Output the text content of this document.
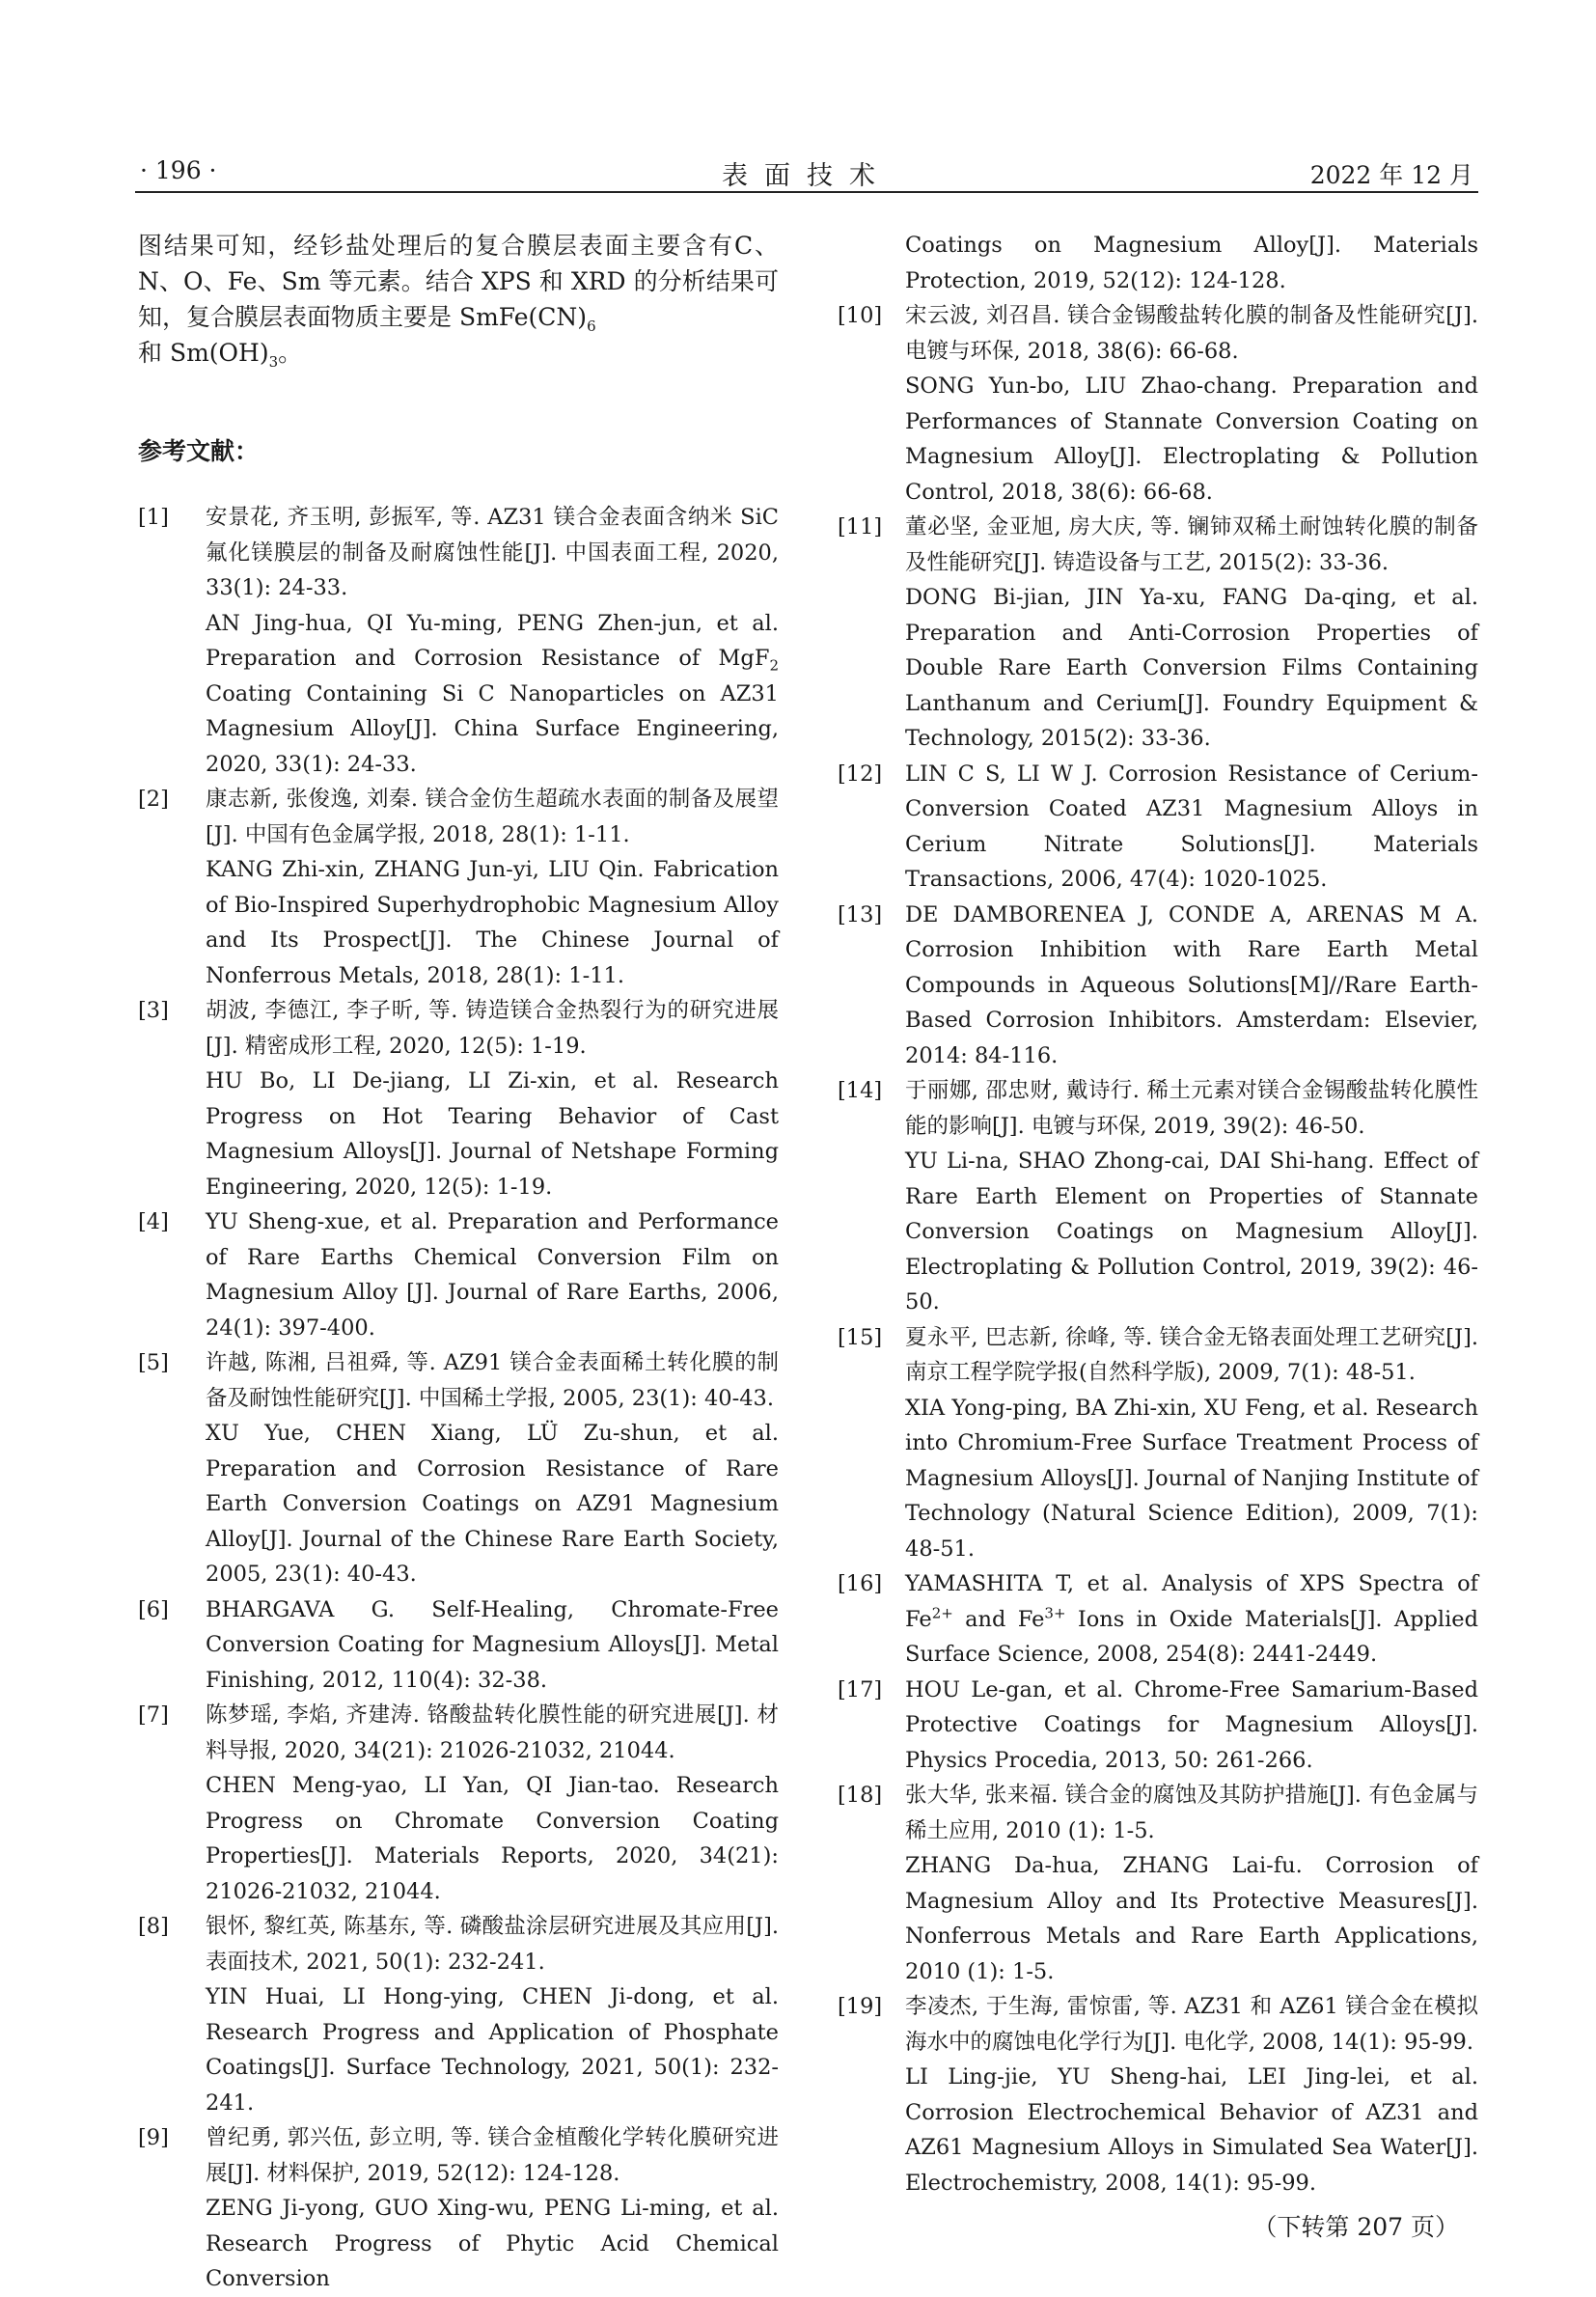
· 196 ·	表面技术	2022 年 12 月

图结果可知，经钐盐处理后的复合膜层表面主要含有C、N、O、Fe、Sm 等元素。结合 XPS 和 XRD 的分析结果可知，复合膜层表面物质主要是 $SmFe(CN)_6$

和 $Sm(OH)_3$。

参考文献：
[1] 安景花, 齐玉明, 彭振军, 等. AZ31 镁合金表面含纳米 SiC 氟化镁膜层的制备及耐腐蚀性能[J]. 中国表面工程, 2020, 33(1): 24-33.

AN Jing-hua, QI Yu-ming, PENG Zhen-jun, et al. Preparation and Corrosion Resistance of MgF$_2$ Coating Containing Si C Nanoparticles on AZ31 Magnesium Alloy[J]. China Surface Engineering, 2020, 33(1): 24-33.

[2] 康志新, 张俊逸, 刘秦. 镁合金仿生超疏水表面的制备及展望[J]. 中国有色金属学报, 2018, 28(1): 1-11.

KANG Zhi-xin, ZHANG Jun-yi, LIU Qin. Fabrication of Bio-Inspired Superhydrophobic Magnesium Alloy and Its Prospect[J]. The Chinese Journal of Nonferrous Metals, 2018, 28(1): 1-11.

[3] 胡波, 李德江, 李子昕, 等. 铸造镁合金热裂行为的研究进展[J]. 精密成形工程, 2020, 12(5): 1-19.

HU Bo, LI De-jiang, LI Zi-xin, et al. Research Progress on Hot Tearing Behavior of Cast Magnesium Alloys[J]. Journal of Netshape Forming Engineering, 2020, 12(5): 1-19.

[4] YU Sheng-xue, et al. Preparation and Performance of Rare Earths Chemical Conversion Film on Magnesium Alloy [J]. Journal of Rare Earths, 2006, 24(1): 397-400.

[5] 许越, 陈湘, 吕祖舜, 等. AZ91 镁合金表面稀土转化膜的制备及耐蚀性能研究[J]. 中国稀土学报, 2005, 23(1): 40-43.

XU Yue, CHEN Xiang, LÜ Zu-shun, et al. Preparation and Corrosion Resistance of Rare Earth Conversion Coatings on AZ91 Magnesium Alloy[J]. Journal of the Chinese Rare Earth Society, 2005, 23(1): 40-43.

[6] BHARGAVA G. Self-Healing, Chromate-Free Conversion Coating for Magnesium Alloys[J]. Metal Finishing, 2012, 110(4): 32-38.

[7] 陈梦瑶, 李焰, 齐建涛. 铬酸盐转化膜性能的研究进展[J]. 材料导报, 2020, 34(21): 21026-21032, 21044.

CHEN Meng-yao, LI Yan, QI Jian-tao. Research Progress on Chromate Conversion Coating Properties[J]. Materials Reports, 2020, 34(21): 21026-21032, 21044.

[8] 银怀, 黎红英, 陈基东, 等. 磷酸盐涂层研究进展及其应用[J]. 表面技术, 2021, 50(1): 232-241.

YIN Huai, LI Hong-ying, CHEN Ji-dong, et al. Research Progress and Application of Phosphate Coatings[J]. Surface Technology, 2021, 50(1): 232-241.

[9] 曾纪勇, 郭兴伍, 彭立明, 等. 镁合金植酸化学转化膜研究进展[J]. 材料保护, 2019, 52(12): 124-128.

ZENG Ji-yong, GUO Xing-wu, PENG Li-ming, et al. Research Progress of Phytic Acid Chemical Conversion

Coatings on Magnesium Alloy[J]. Materials Protection, 2019, 52(12): 124-128.

[10] 宋云波, 刘召昌. 镁合金锡酸盐转化膜的制备及性能研究[J]. 电镀与环保, 2018, 38(6): 66-68.

SONG Yun-bo, LIU Zhao-chang. Preparation and Performances of Stannate Conversion Coating on Magnesium Alloy[J]. Electroplating & Pollution Control, 2018, 38(6): 66-68.

[11] 董必坚, 金亚旭, 房大庆, 等. 镧铈双稀土耐蚀转化膜的制备及性能研究[J]. 铸造设备与工艺, 2015(2): 33-36.

DONG Bi-jian, JIN Ya-xu, FANG Da-qing, et al. Preparation and Anti-Corrosion Properties of Double Rare Earth Conversion Films Containing Lanthanum and Cerium[J]. Foundry Equipment & Technology, 2015(2): 33-36.

[12] LIN C S, LI W J. Corrosion Resistance of Cerium-Conversion Coated AZ31 Magnesium Alloys in Cerium Nitrate Solutions[J]. Materials Transactions, 2006, 47(4): 1020-1025.

[13] DE DAMBORENEA J, CONDE A, ARENAS M A. Corrosion Inhibition with Rare Earth Metal Compounds in Aqueous Solutions[M]//Rare Earth-Based Corrosion Inhibitors. Amsterdam: Elsevier, 2014: 84-116.

[14] 于丽娜, 邵忠财, 戴诗行. 稀土元素对镁合金锡酸盐转化膜性能的影响[J]. 电镀与环保, 2019, 39(2): 46-50.

YU Li-na, SHAO Zhong-cai, DAI Shi-hang. Effect of Rare Earth Element on Properties of Stannate Conversion Coatings on Magnesium Alloy[J]. Electroplating & Pollution Control, 2019, 39(2): 46-50.

[15] 夏永平, 巴志新, 徐峰, 等. 镁合金无铬表面处理工艺研究[J]. 南京工程学院学报(自然科学版), 2009, 7(1): 48-51.

XIA Yong-ping, BA Zhi-xin, XU Feng, et al. Research into Chromium-Free Surface Treatment Process of Magnesium Alloys[J]. Journal of Nanjing Institute of Technology (Natural Science Edition), 2009, 7(1): 48-51.

[16] YAMASHITA T, et al. Analysis of XPS Spectra of $Fe^{2+}$ and $Fe^{3+}$ Ions in Oxide Materials[J]. Applied Surface Science, 2008, 254(8): 2441-2449.

[17] HOU Le-gan, et al. Chrome-Free Samarium-Based Protective Coatings for Magnesium Alloys[J]. Physics Procedia, 2013, 50: 261-266.

[18] 张大华, 张来福. 镁合金的腐蚀及其防护措施[J]. 有色金属与稀土应用, 2010 (1): 1-5.

ZHANG Da-hua, ZHANG Lai-fu. Corrosion of Magnesium Alloy and Its Protective Measures[J]. Nonferrous Metals and Rare Earth Applications, 2010 (1): 1-5.

[19] 李凌杰, 于生海, 雷惊雷, 等. AZ31 和 AZ61 镁合金在模拟海水中的腐蚀电化学行为[J]. 电化学, 2008, 14(1): 95-99.

LI Ling-jie, YU Sheng-hai, LEI Jing-lei, et al. Corrosion Electrochemical Behavior of AZ31 and AZ61 Magnesium Alloys in Simulated Sea Water[J]. Electrochemistry, 2008, 14(1): 95-99.

（下转第 207 页）
